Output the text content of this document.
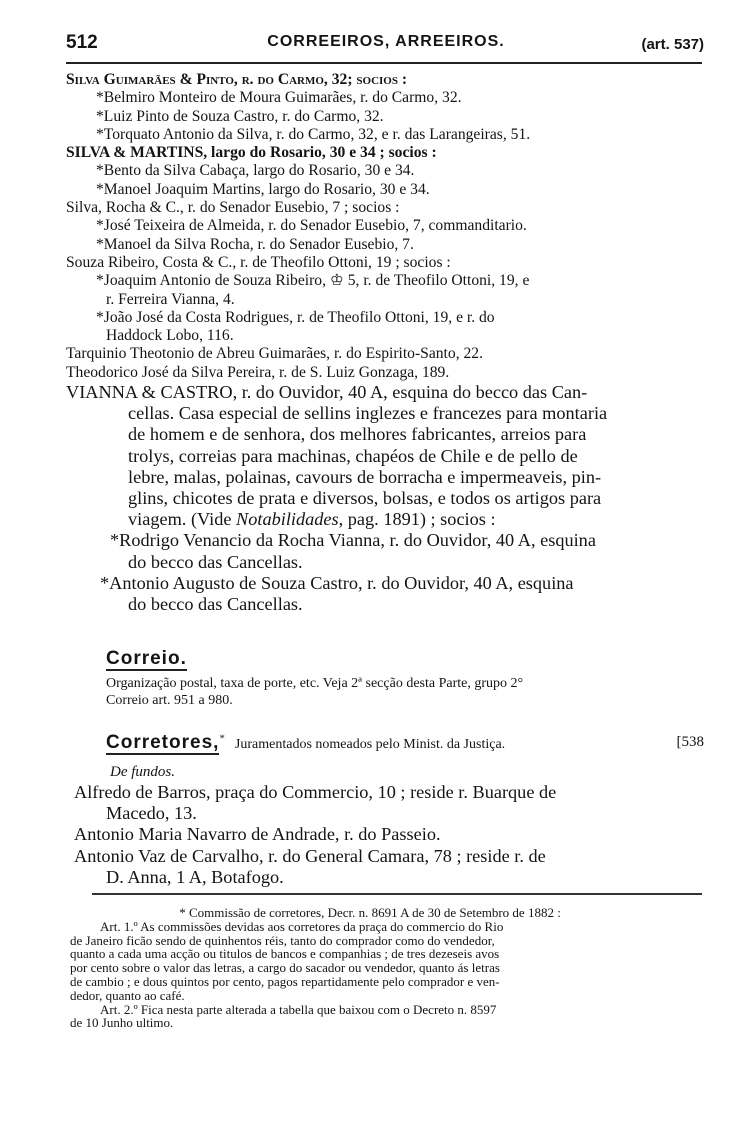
512	CORREEIROS, ARREEIROS.	(art. 537)
Silva Guimarães & Pinto, r. do Carmo, 32; socios :
*Belmiro Monteiro de Moura Guimarães, r. do Carmo, 32.
*Luiz Pinto de Souza Castro, r. do Carmo, 32.
*Torquato Antonio da Silva, r. do Carmo, 32, e r. das Larangeiras, 51.
SILVA & MARTINS, largo do Rosario, 30 e 34 ; socios :
*Bento da Silva Cabaça, largo do Rosario, 30 e 34.
*Manoel Joaquim Martins, largo do Rosario, 30 e 34.
Silva, Rocha & C., r. do Senador Eusebio, 7 ; socios :
*José Teixeira de Almeida, r. do Senador Eusebio, 7, commanditario.
*Manoel da Silva Rocha, r. do Senador Eusebio, 7.
Souza Ribeiro, Costa & C., r. de Theofilo Ottoni, 19 ; socios :
*Joaquim Antonio de Souza Ribeiro, ♔ 5, r. de Theofilo Ottoni, 19, e
r. Ferreira Vianna, 4.
*João José da Costa Rodrigues, r. de Theofilo Ottoni, 19, e r. do
Haddock Lobo, 116.
Tarquinio Theotonio de Abreu Guimarães, r. do Espirito-Santo, 22.
Theodorico José da Silva Pereira, r. de S. Luiz Gonzaga, 189.
VIANNA & CASTRO, r. do Ouvidor, 40 A, esquina do becco das Can-
cellas. Casa especial de sellins inglezes e francezes para montaria
de homem e de senhora, dos melhores fabricantes, arreios para
trolys, correias para machinas, chapéos de Chile e de pello de
lebre, malas, polainas, cavours de borracha e impermeaveis, pin-
glins, chicotes de prata e diversos, bolsas, e todos os artigos para
viagem. (Vide Notabilidades, pag. 1891) ; socios :
*Rodrigo Venancio da Rocha Vianna, r. do Ouvidor, 40 A, esquina
do becco das Cancellas.
*Antonio Augusto de Souza Castro, r. do Ouvidor, 40 A, esquina
do becco das Cancellas.
Correio.
Organização postal, taxa de porte, etc. Veja 2ª secção desta Parte, grupo 2°
Correio art. 951 a 980.
Corretores,* Juramentados nomeados pelo Minist. da Justiça.	[538
De fundos.
Alfredo de Barros, praça do Commercio, 10 ; reside r. Buarque de
Macedo, 13.
Antonio Maria Navarro de Andrade, r. do Passeio.
Antonio Vaz de Carvalho, r. do General Camara, 78 ; reside r. de
D. Anna, 1 A, Botafogo.
* Commissão de corretores, Decr. n. 8691 A de 30 de Setembro de 1882 :
Art. 1.º As commissões devidas aos corretores da praça do commercio do Rio
de Janeiro ficão sendo de quinhentos réis, tanto do comprador como do vendedor,
quanto a cada uma acção ou titulos de bancos e companhias ; de tres dezeseis avos
por cento sobre o valor das letras, a cargo do sacador ou vendedor, quanto ás letras
de cambio ; e dous quintos por cento, pagos repartidamente pelo comprador e ven-
dedor, quanto ao café.
Art. 2.º Fica nesta parte alterada a tabella que baixou com o Decreto n. 8597
de 10 Junho ultimo.
